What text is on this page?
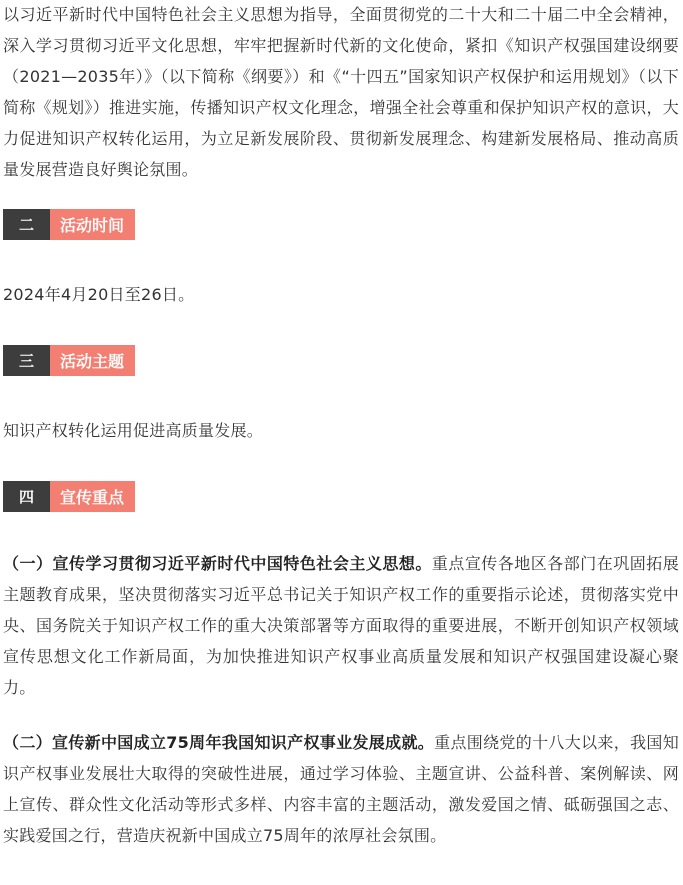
以习近平新时代中国特色社会主义思想为指导，全面贯彻党的二十大和二十届二中全会精神，深入学习贯彻习近平文化思想，牢牢把握新时代新的文化使命，紧扣《知识产权强国建设纲要（2021—2035年）》（以下简称《纲要》）和《“十四五”国家知识产权保护和运用规划》（以下简称《规划》）推进实施，传播知识产权文化理念，增强全社会尊重和保护知识产权的意识，大力促进知识产权转化运用，为立足新发展阶段、贯彻新发展理念、构建新发展格局、推动高质量发展营造良好舆论氛围。

二	活动时间

2024年4月20日至26日。

三	活动主题

知识产权转化运用促进高质量发展。

四	宣传重点

（一）宣传学习贯彻习近平新时代中国特色社会主义思想。重点宣传各地区各部门在巩固拓展主题教育成果，坚决贯彻落实习近平总书记关于知识产权工作的重要指示论述，贯彻落实党中央、国务院关于知识产权工作的重大决策部署等方面取得的重要进展，不断开创知识产权领域宣传思想文化工作新局面，为加快推进知识产权事业高质量发展和知识产权强国建设凝心聚力。

（二）宣传新中国成立75周年我国知识产权事业发展成就。重点围绕党的十八大以来，我国知识产权事业发展壮大取得的突破性进展，通过学习体验、主题宣讲、公益科普、案例解读、网上宣传、群众性文化活动等形式多样、内容丰富的主题活动，激发爱国之情、砥砺强国之志、实践爱国之行，营造庆祝新中国成立75周年的浓厚社会氛围。
